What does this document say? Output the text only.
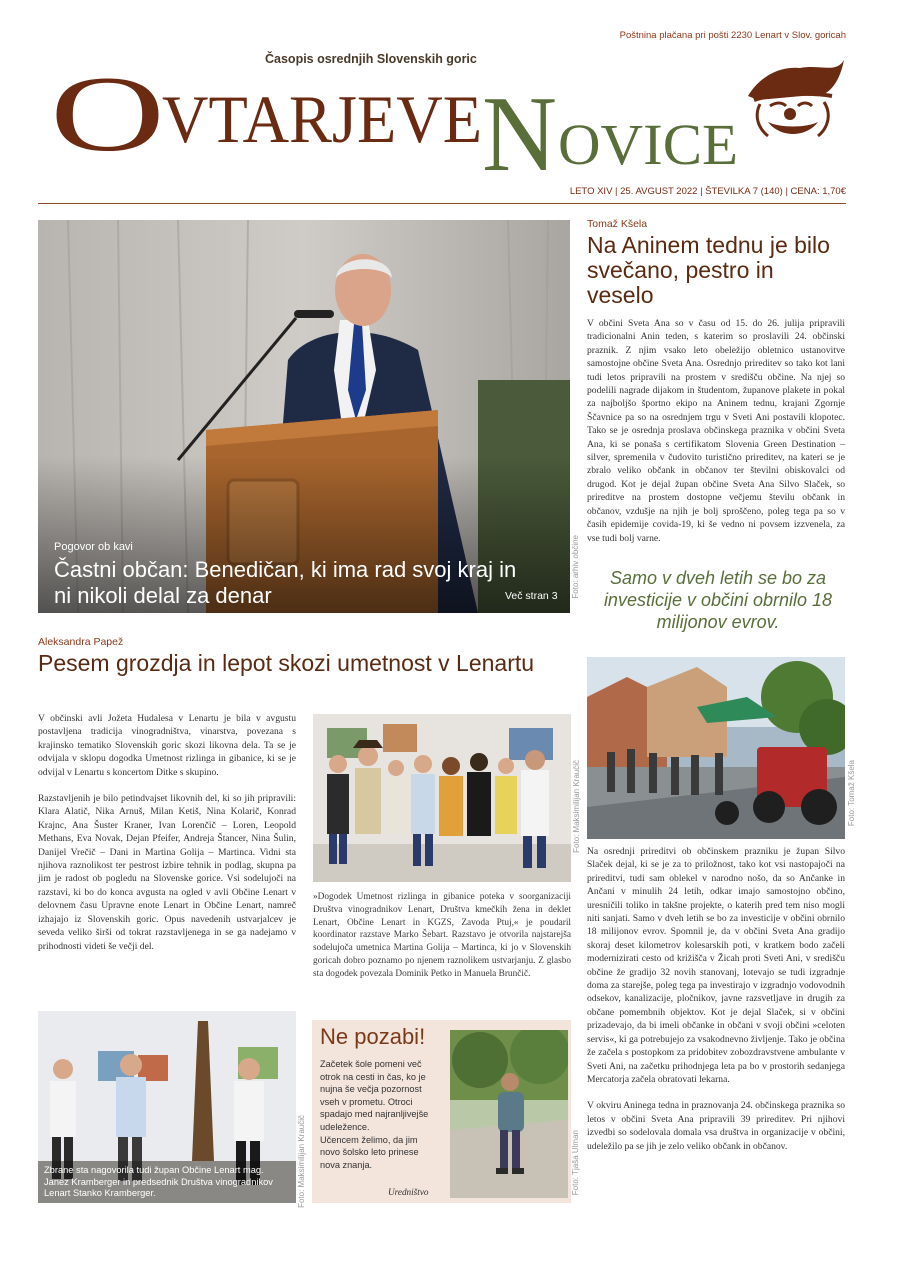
Poštnina plačana pri pošti 2230 Lenart v Slov. goricah
Časopis osrednjih Slovenskih goric
O
VTARJEVE N OVICE
LETO XIV | 25. AVGUST 2022 | ŠTEVILKA 7 (140) | CENA: 1,70€
Pogovor ob kavi
Častni občan: Benedičan, ki ima rad svoj kraj in ni nikoli delal za denar	Več stran 3 Foto: arhiv občine
Tomaž Kšela
Na Aninem tednu je bilo svečano, pestro in veselo
V občini Sveta Ana so v času od 15. do 26. julija pripravili tradicionalni Anin teden, s katerim so proslavili 24. občinski praznik. Z njim vsako leto obeležijo obletnico ustanovitve samostojne občine Sveta Ana. Osrednjo prireditev so tako kot lani tudi letos pripravili na prostem v središču občine. Na njej so podelili nagrade dijakom in študentom, županove plakete in pokal za najboljšo športno ekipo na Aninem tednu, krajani Zgornje Ščavnice pa so na osrednjem trgu v Sveti Ani postavili klopotec. Tako se je osrednja proslava občinskega praznika v občini Sveta Ana, ki se ponaša s certifikatom Slovenia Green Destination – silver, spremenila v čudovito turistično prireditev, na kateri se je zbralo veliko občank in občanov ter številni obiskovalci od drugod. Kot je dejal župan občine Sveta Ana Silvo Slaček, so prireditve na prostem dostopne večjemu številu občank in občanov, vzdušje na njih je bolj sproščeno, poleg tega pa so v časih epidemije covida-19, ki še vedno ni povsem izzvenela, za vse tudi bolj varne.
Samo v dveh letih se bo za investicije v občini obrnilo 18 milijonov evrov.
Foto: Tomaž Kšela

Na osrednji prireditvi ob občinskem prazniku je župan Silvo Slaček dejal, ki se je za to priložnost, tako kot vsi nastopajoči na prireditvi, tudi sam oblekel v narodno nošo, da so Ančanke in Ančani v minulih 24 letih, odkar imajo samostojno občino, uresničili toliko in takšne projekte, o katerih pred tem niso mogli niti sanjati. Samo v dveh letih se bo za investicije v občini obrnilo 18 milijonov evrov. Spomnil je, da v občini Sveta Ana gradijo skoraj deset kilometrov kolesarskih poti, v kratkem bodo začeli modernizirati cesto od križišča v Žicah proti Sveti Ani, v središču občine že gradijo 32 novih stanovanj, lotevajo se tudi izgradnje doma za starejše, poleg tega pa investirajo v izgradnjo vodovodnih odsekov, kanalizacije, pločnikov, javne razsvetljave in drugih za občane pomembnih objektov. Kot je dejal Slaček, si v občini prizadevajo, da bi imeli občanke in občani v svoji občini »celoten servis«, ki ga potrebujejo za vsakodnevno življenje. Tako je občina že začela s postopkom za pridobitev zobozdravstvene ambulante v Sveti Ani, na začetku prihodnjega leta pa bo v prostorih sedanjega Mercatorja začela obratovati lekarna.

V okviru Aninega tedna in praznovanja 24. občinskega praznika so letos v občini Sveta Ana pripravili 39 prireditev. Pri njihovi izvedbi so sodelovala domala vsa društva in organizacije v občini, udeležilo pa se jih je zelo veliko občank in občanov.

Aleksandra Papež
Pesem grozdja in lepot skozi umetnost v Lenartu

V občinski avli Jožeta Hudalesa v Lenartu je bila v avgustu postavljena tradicija vinogradništva, vinarstva, povezana s krajinsko tematiko Slovenskih goric skozi likovna dela. Ta se je odvijala v sklopu dogodka Umetnost rizlinga in gibanice, ki se je odvijal v Lenartu s koncertom Ditke s skupino.

Razstavljenih je bilo petindvajset likovnih del, ki so jih pripravili: Klara Alatič, Nika Arnuš, Milan Ketiš, Nina Kolarič, Konrad Krajnc, Ana Šuster Kraner, Ivan Lorenčič – Loren, Leopold Methans, Eva Novak, Dejan Pfeifer, Andreja Štancer, Nina Šulin, Danijel Vrečič – Dani in Martina Golija – Martinca. Vidni sta njihova raznolikost ter pestrost izbire tehnik in podlag, skupna pa jim je radost ob pogledu na Slovenske gorice. Vsi sodelujoči na razstavi, ki bo do konca avgusta na ogled v avli Občine Lenart v delovnem času Upravne enote Lenart in Občine Lenart, namreč izhajajo iz Slovenskih goric. Opus navedenih ustvarjalcev je seveda veliko širši od tokrat razstavljenega in se ga nadejamo v prihodnosti videti še večji del.

Foto: Maksimilijan Kraučič
»Dogodek Umetnost rizlinga in gibanice poteka v soorganizaciji Društva vinogradnikov Lenart, Društva kmečkih žena in deklet Lenart, Občine Lenart in KGZS, Zavoda Ptuj,« je poudaril koordinator razstave Marko Šebart. Razstavo je otvorila najstarejša sodelujoča umetnica Martina Golija – Martinca, ki jo v Slovenskih goricah dobro poznamo po njenem raznolikem ustvarjanju. Z glasbo sta dogodek povezala Dominik Petko in Manuela Brunčič.
Zbrane sta nagovorila tudi župan Občine Lenart mag. Janez Kramberger in predsednik Društva vinogradnikov Lenart Stanko Kramberger.	Foto: Maksimilijan Kraučič
Ne pozabi!
Začetek šole pomeni več otrok na cesti in čas, ko je nujna še večja pozornost vseh v prometu. Otroci spadajo med najranljivejše udeležence.
Učencem želimo, da jim novo šolsko leto prinese nova znanja.
Uredništvo	Foto: Tjaša Ulman
